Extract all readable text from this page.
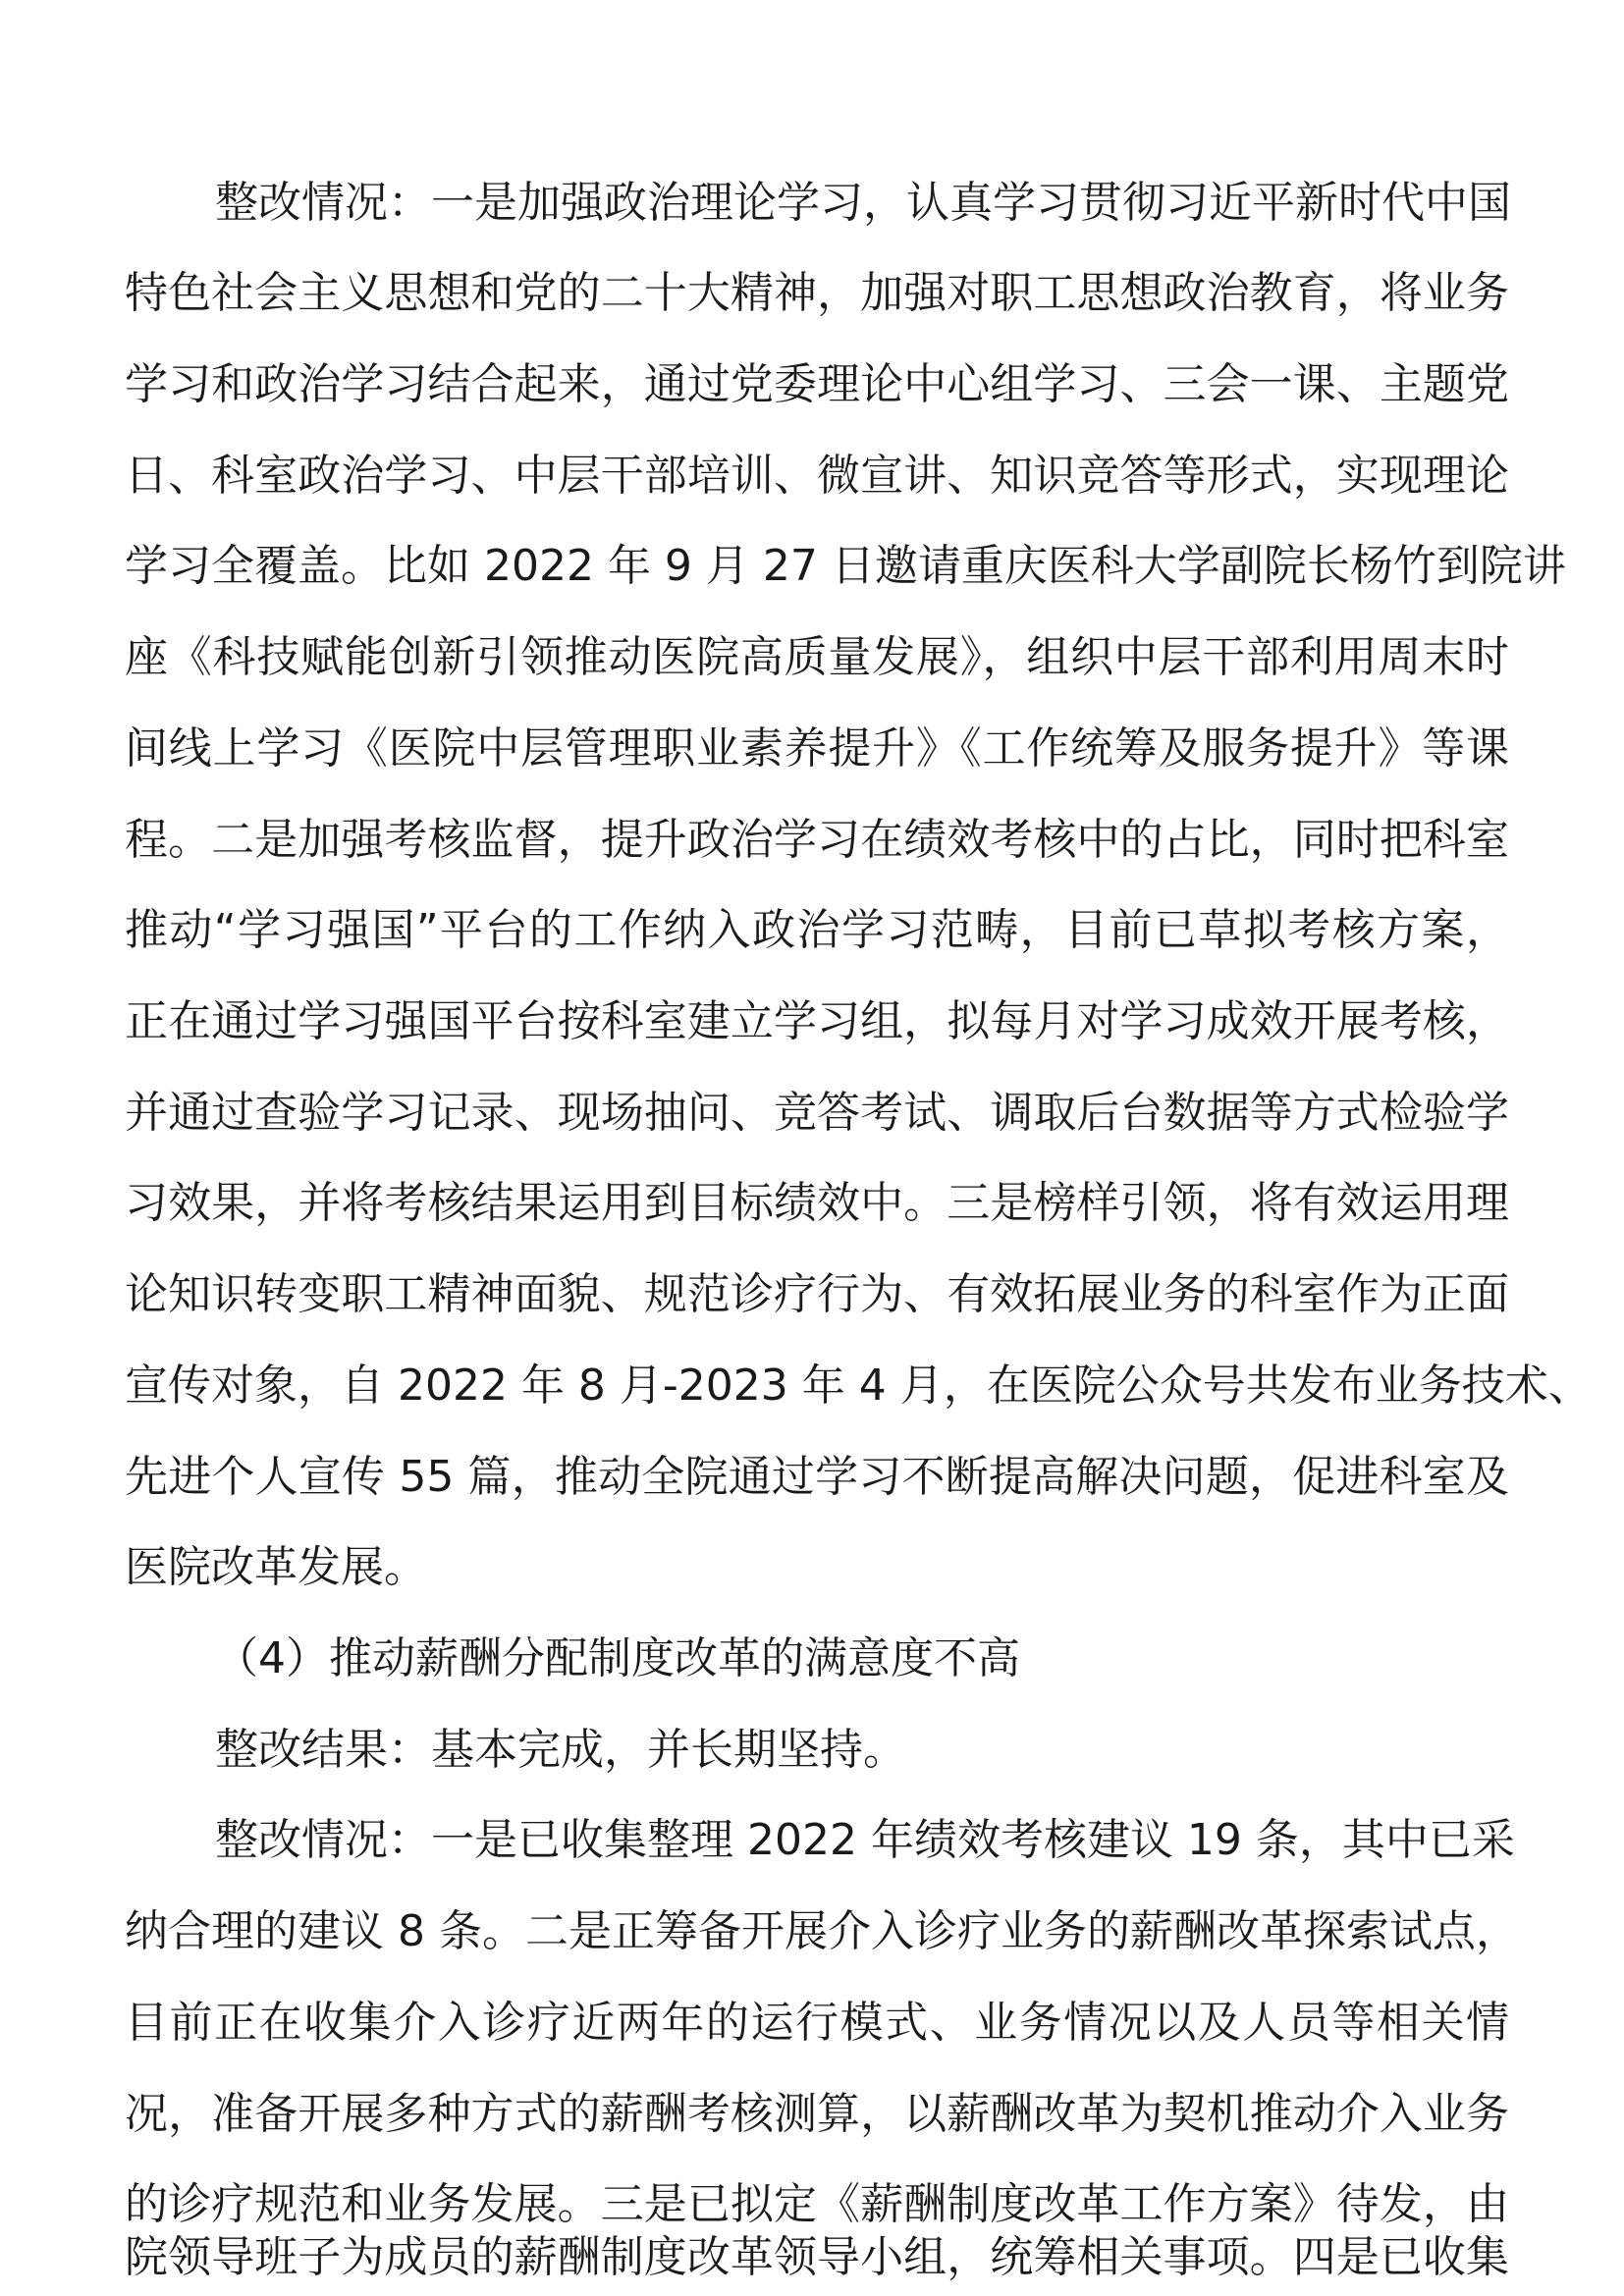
整改情况：一是加强政治理论学习，认真学习贯彻习近平新时代中国
特色社会主义思想和党的二十大精神，加强对职工思想政治教育，将业务
学习和政治学习结合起来，通过党委理论中心组学习、三会一课、主题党
日、科室政治学习、中层干部培训、微宣讲、知识竞答等形式，实现理论
学习全覆盖。比如 2022 年 9 月 27 日邀请重庆医科大学副院长杨竹到院讲
座《科技赋能创新引领推动医院高质量发展》，组织中层干部利用周末时
间线上学习《医院中层管理职业素养提升》《工作统筹及服务提升》等课
程。二是加强考核监督，提升政治学习在绩效考核中的占比，同时把科室
推动“学习强国”平台的工作纳入政治学习范畴，目前已草拟考核方案，
正在通过学习强国平台按科室建立学习组，拟每月对学习成效开展考核，
并通过查验学习记录、现场抽问、竞答考试、调取后台数据等方式检验学
习效果，并将考核结果运用到目标绩效中。三是榜样引领，将有效运用理
论知识转变职工精神面貌、规范诊疗行为、有效拓展业务的科室作为正面
宣传对象，自 2022 年 8 月-2023 年 4 月，在医院公众号共发布业务技术、
先进个人宣传 55 篇，推动全院通过学习不断提高解决问题，促进科室及
医院改革发展。
（4）推动薪酬分配制度改革的满意度不高
整改结果：基本完成，并长期坚持。
整改情况：一是已收集整理 2022 年绩效考核建议 19 条，其中已采
纳合理的建议 8 条。二是正筹备开展介入诊疗业务的薪酬改革探索试点，
目前正在收集介入诊疗近两年的运行模式、业务情况以及人员等相关情
况，准备开展多种方式的薪酬考核测算，以薪酬改革为契机推动介入业务
的诊疗规范和业务发展。三是已拟定《薪酬制度改革工作方案》待发，由
院领导班子为成员的薪酬制度改革领导小组，统筹相关事项。四是已收集
